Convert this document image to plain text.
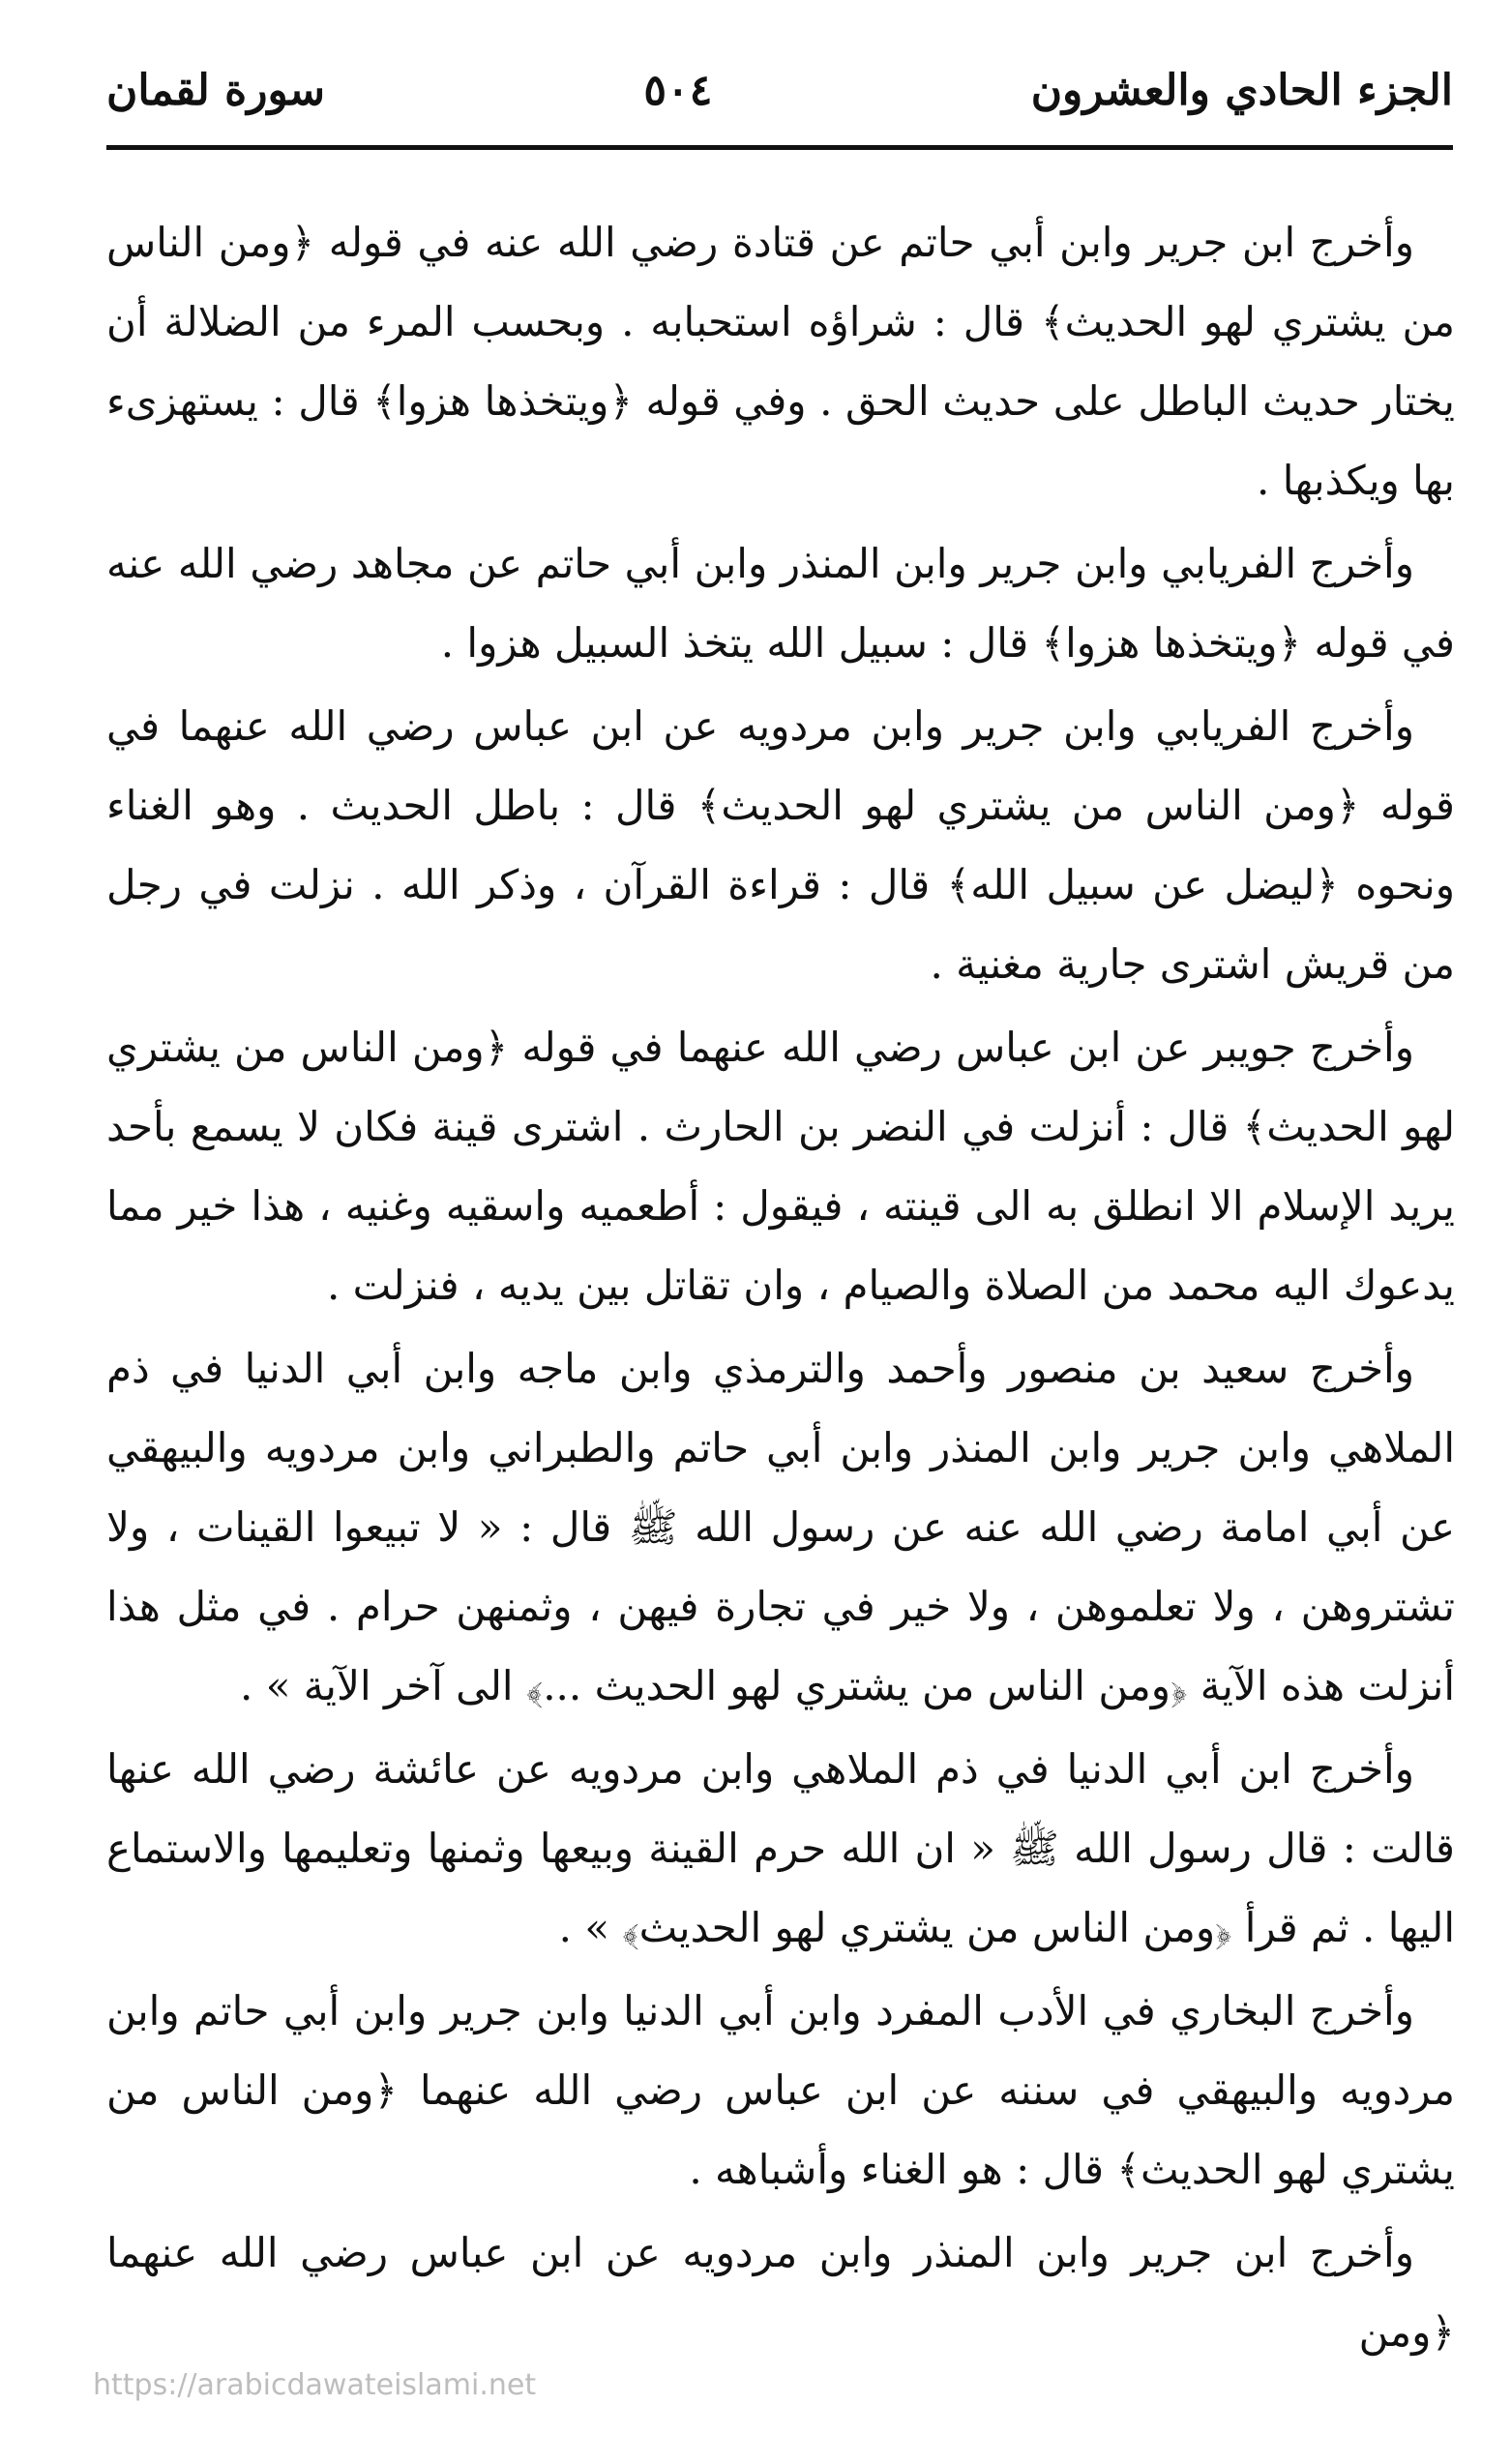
الجزء الحادي والعشرون
٥٠٤
سورة لقمان

وأخرج ابن جرير وابن أبي حاتم عن قتادة رضي الله عنه في قوله ﴿ومن الناس من يشتري لهو الحديث﴾ قال : شراؤه استحبابه . وبحسب المرء من الضلالة أن يختار حديث الباطل على حديث الحق . وفي قوله ﴿ويتخذها هزوا﴾ قال : يستهزىء بها ويكذبها .

وأخرج الفريابي وابن جرير وابن المنذر وابن أبي حاتم عن مجاهد رضي الله عنه في قوله ﴿ويتخذها هزوا﴾ قال : سبيل الله يتخذ السبيل هزوا .

وأخرج الفريابي وابن جرير وابن مردويه عن ابن عباس رضي الله عنهما في قوله ﴿ومن الناس من يشتري لهو الحديث﴾ قال : باطل الحديث . وهو الغناء ونحوه ﴿ليضل عن سبيل الله﴾ قال : قراءة القرآن ، وذكر الله . نزلت في رجل من قريش اشترى جارية مغنية .

وأخرج جويبر عن ابن عباس رضي الله عنهما في قوله ﴿ومن الناس من يشتري لهو الحديث﴾ قال : أنزلت في النضر بن الحارث . اشترى قينة فكان لا يسمع بأحد يريد الإسلام الا انطلق به الى قينته ، فيقول : أطعميه واسقيه وغنيه ، هذا خير مما يدعوك اليه محمد من الصلاة والصيام ، وان تقاتل بين يديه ، فنزلت .

وأخرج سعيد بن منصور وأحمد والترمذي وابن ماجه وابن أبي الدنيا في ذم الملاهي وابن جرير وابن المنذر وابن أبي حاتم والطبراني وابن مردويه والبيهقي عن أبي امامة رضي الله عنه عن رسول الله ﷺ قال : « لا تبيعوا القينات ، ولا تشتروهن ، ولا تعلموهن ، ولا خير في تجارة فيهن ، وثمنهن حرام . في مثل هذا أنزلت هذه الآية ﴿ومن الناس من يشتري لهو الحديث ...﴾ الى آخر الآية » .

وأخرج ابن أبي الدنيا في ذم الملاهي وابن مردويه عن عائشة رضي الله عنها قالت : قال رسول الله ﷺ « ان الله حرم القينة وبيعها وثمنها وتعليمها والاستماع اليها . ثم قرأ ﴿ومن الناس من يشتري لهو الحديث﴾ » .

وأخرج البخاري في الأدب المفرد وابن أبي الدنيا وابن جرير وابن أبي حاتم وابن مردويه والبيهقي في سننه عن ابن عباس رضي الله عنهما ﴿ومن الناس من يشتري لهو الحديث﴾ قال : هو الغناء وأشباهه .

وأخرج ابن جرير وابن المنذر وابن مردويه عن ابن عباس رضي الله عنهما ﴿ومن

https://arabicdawateislami.net
